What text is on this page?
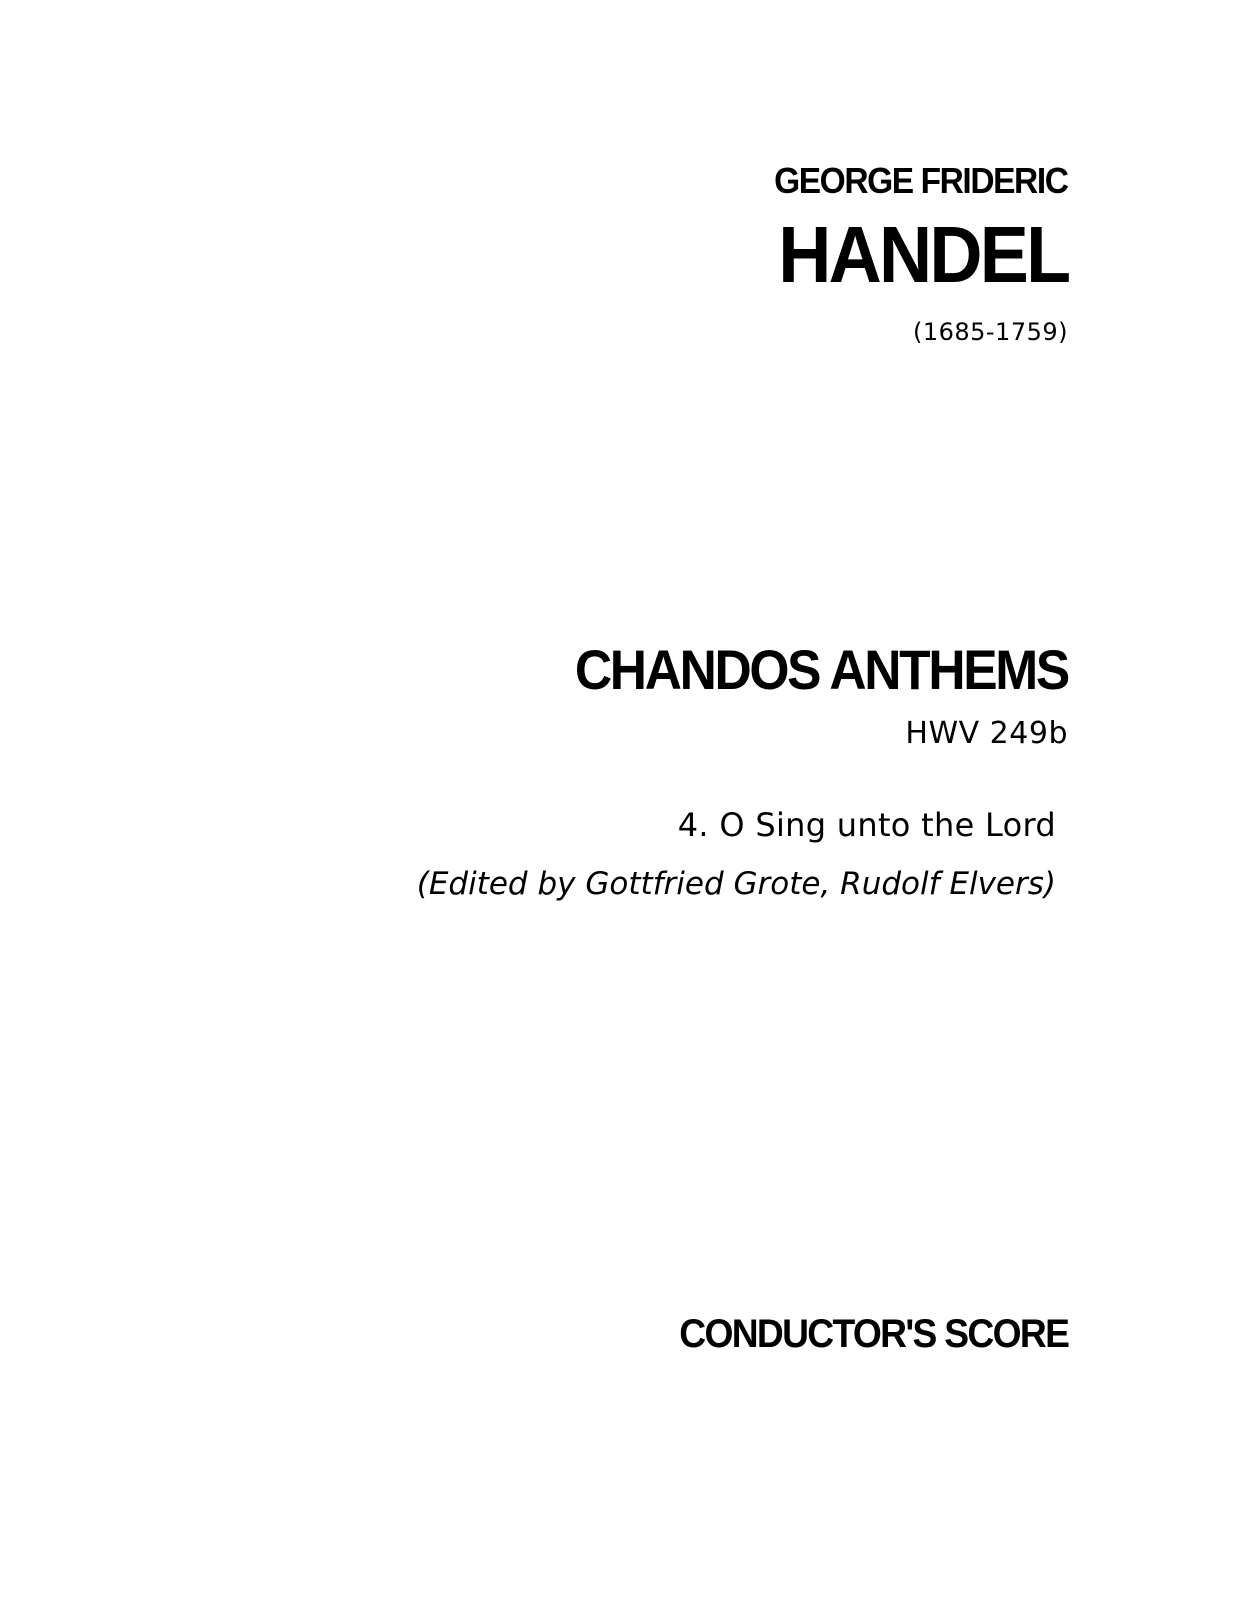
GEORGE FRIDERIC

HANDEL

(1685-1759)

CHANDOS ANTHEMS

HWV 249b

4. O Sing unto the Lord

(Edited by Gottfried Grote, Rudolf Elvers)

CONDUCTOR'S SCORE
